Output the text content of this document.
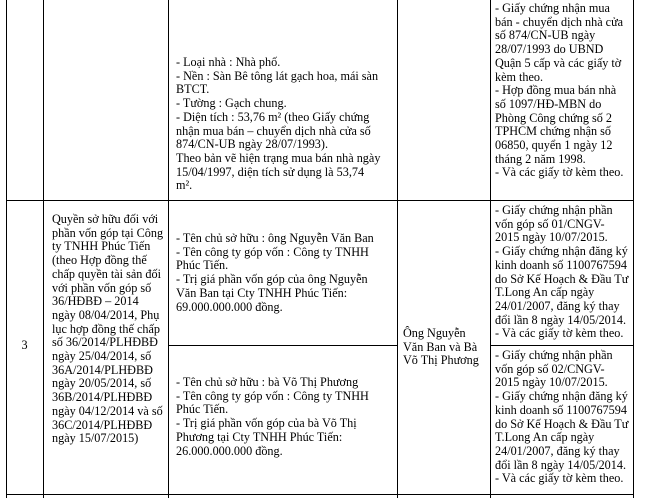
- Loại nhà : Nhà phố.

- Nền : Sàn Bê tông lát gạch hoa, mái sàn

BTCT.

- Tường : Gạch chung.

- Diện tích : 53,76 m² (theo Giấy chứng

nhận mua bán – chuyển dịch nhà cửa số

874/CN-UB ngày 28/07/1993).

Theo bản vẽ hiện trạng mua bán nhà ngày

15/04/1997, diện tích sử dụng là 53,74

m².

- Giấy chứng nhận mua

bán - chuyển dịch nhà cửa

số 874/CN-UB ngày

28/07/1993 do UBND

Quận 5 cấp và các giấy tờ

kèm theo.

- Hợp đồng mua bán nhà

số 1097/HĐ-MBN do

Phòng Công chứng số 2

TPHCM chứng nhận số

06850, quyển 1 ngày 12

tháng 2 năm 1998.

- Và các giấy tờ kèm theo.

3

Quyền sở hữu đối với

phần vốn góp tại Công

ty TNHH Phúc Tiến

(theo Hợp đồng thế

chấp quyền tài sản đối

với phần vốn góp số

36/HĐBĐ – 2014

ngày 08/04/2014, Phụ

lục hợp đồng thế chấp

số 36/2014/PLHĐBĐ

ngày 25/04/2014, số

36A/2014/PLHĐBĐ

ngày 20/05/2014, số

36B/2014/PLHĐBĐ

ngày 04/12/2014 và số

36C/2014/PLHĐBĐ

ngày 15/07/2015)

- Tên chủ sở hữu : ông Nguyễn Văn Ban

- Tên công ty góp vốn : Công ty TNHH

Phúc Tiến.

- Trị giá phần vốn góp của ông Nguyễn

Văn Ban tại Cty TNHH Phúc Tiến:

69.000.000.000 đồng.

- Tên chủ sở hữu : bà Võ Thị Phương

- Tên công ty góp vốn : Công ty TNHH

Phúc Tiến.

- Trị giá phần vốn góp của bà Võ Thị

Phương tại Cty TNHH Phúc Tiến:

26.000.000.000 đồng.

Ông Nguyễn

Văn Ban và Bà

Võ Thị Phương

- Giấy chứng nhận phần

vốn góp số 01/CNGV-

2015 ngày 10/07/2015.

- Giấy chứng nhận đăng ký

kinh doanh số 1100767594

do Sở Kế Hoạch & Đầu Tư

T.Long An cấp ngày

24/01/2007, đăng ký thay

đổi lần 8 ngày 14/05/2014.

- Và các giấy tờ kèm theo.

- Giấy chứng nhận phần

vốn góp số 02/CNGV-

2015 ngày 10/07/2015.

- Giấy chứng nhận đăng ký

kinh doanh số 1100767594

do Sở Kế Hoạch & Đầu Tư

T.Long An cấp ngày

24/01/2007, đăng ký thay

đổi lần 8 ngày 14/05/2014.

- Và các giấy tờ kèm theo.
